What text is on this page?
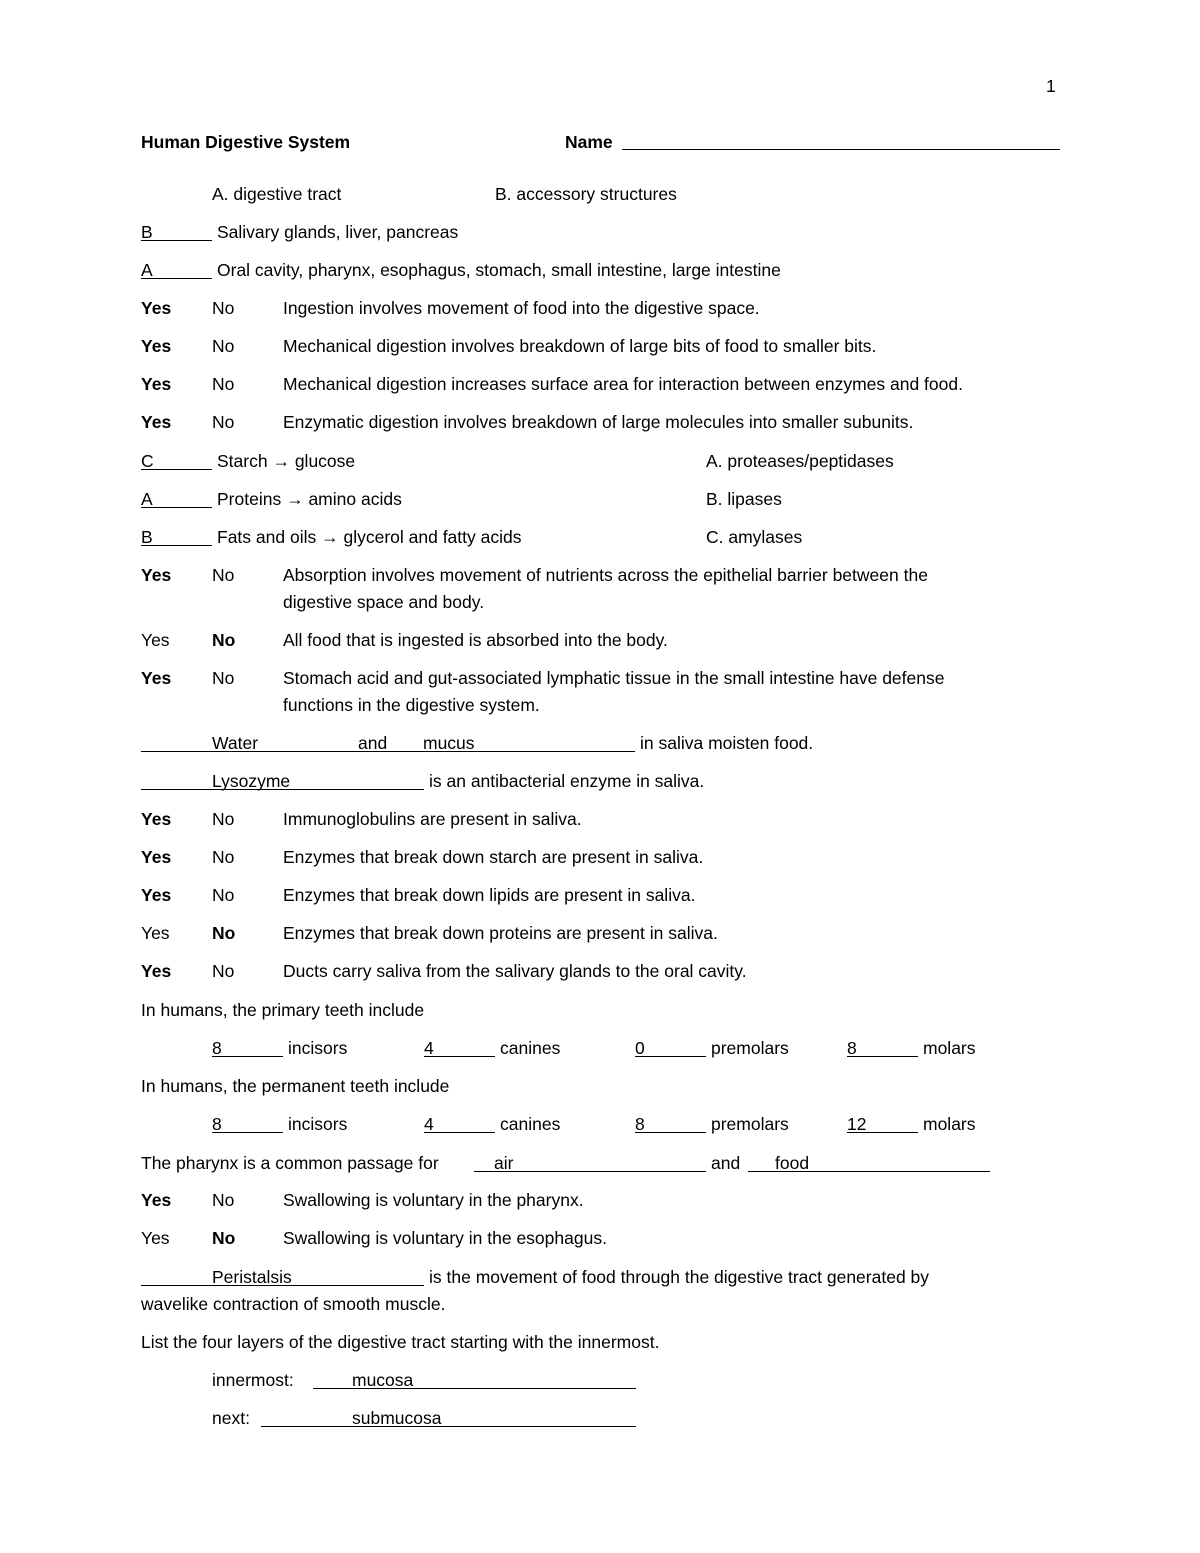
1
Human Digestive System	Name
A. digestive tract	B. accessory structures
B	Salivary glands, liver, pancreas
A	Oral cavity, pharynx, esophagus, stomach, small intestine, large intestine
Yes No	Ingestion involves movement of food into the digestive space.
Yes No	Mechanical digestion involves breakdown of large bits of food to smaller bits.
Yes No	Mechanical digestion increases surface area for interaction between enzymes and food.
Yes No	Enzymatic digestion involves breakdown of large molecules into smaller subunits.
C	Starch → glucose	A. proteases/peptidases
A	Proteins → amino acids	B. lipases
B	Fats and oils → glycerol and fatty acids	C. amylases
Yes No	Absorption involves movement of nutrients across the epithelial barrier between the
digestive space and body.
Yes No	All food that is ingested is absorbed into the body.
Yes No	Stomach acid and gut-associated lymphatic tissue in the small intestine have defense
functions in the digestive system.
Water	and mucus	in saliva moisten food.
Lysozyme	is an antibacterial enzyme in saliva.
Yes No	Immunoglobulins are present in saliva.
Yes No	Enzymes that break down starch are present in saliva.
Yes No	Enzymes that break down lipids are present in saliva.
Yes No	Enzymes that break down proteins are present in saliva.
Yes No	Ducts carry saliva from the salivary glands to the oral cavity.
In humans, the primary teeth include
8	incisors	4	canines	0	premolars	8	molars
In humans, the permanent teeth include
8	incisors	4	canines	8	premolars	12	molars
The pharynx is a common passage for	air	and food
Yes No	Swallowing is voluntary in the pharynx.
Yes No	Swallowing is voluntary in the esophagus.
Peristalsis	is the movement of food through the digestive tract generated by
wavelike contraction of smooth muscle.
List the four layers of the digestive tract starting with the innermost.
innermost:	mucosa
next:	submucosa
